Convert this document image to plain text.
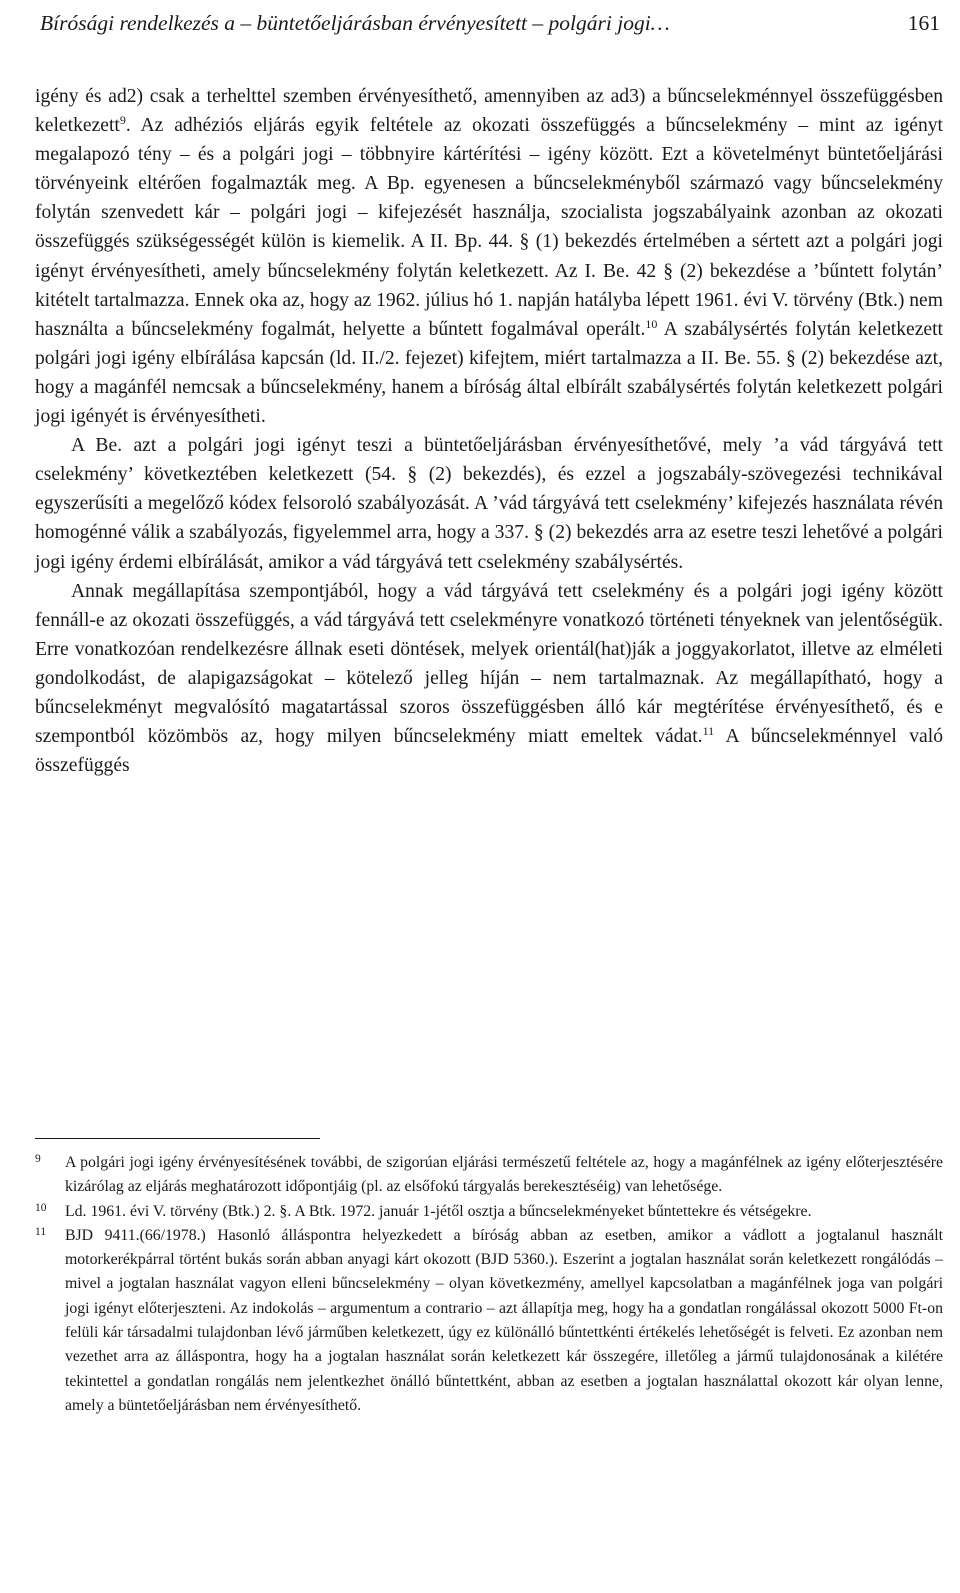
Bírósági rendelkezés a – büntetőeljárásban érvényesített – polgári jogi…	161

igény és ad2) csak a terhelttel szemben érvényesíthető, amennyiben az ad3) a bűncselekménnyel összefüggésben keletkezett$^9$. Az adhéziós eljárás egyik feltétele az okozati összefüggés a bűncselekmény – mint az igényt megalapozó tény – és a polgári jogi – többnyire kártérítési – igény között. Ezt a követelményt büntetőeljárási törvényeink eltérően fogalmazták meg. A Bp. egyenesen a bűncselekményből származó vagy bűncselekmény folytán szenvedett kár – polgári jogi – kifejezését használja, szocialista jogszabályaink azonban az okozati összefüggés szükségességét külön is kiemelik. A II. Bp. 44. § (1) bekezdés értelmében a sértett azt a polgári jogi igényt érvényesítheti, amely bűncselekmény folytán keletkezett. Az I. Be. 42 § (2) bekezdése a ’bűntett folytán’ kitételt tartalmazza. Ennek oka az, hogy az 1962. július hó 1. napján hatályba lépett 1961. évi V. törvény (Btk.) nem használta a bűncselekmény fogalmát, helyette a bűntett fogalmával operált.$^{10}$ A szabálysértés folytán keletkezett polgári jogi igény elbírálása kapcsán (ld. II./2. fejezet) kifejtem, miért tartalmazza a II. Be. 55. § (2) bekezdése azt, hogy a magánfél nemcsak a bűncselekmény, hanem a bíróság által elbírált szabálysértés folytán keletkezett polgári jogi igényét is érvényesítheti.

A Be. azt a polgári jogi igényt teszi a büntetőeljárásban érvényesíthetővé, mely ’a vád tárgyává tett cselekmény’ következtében keletkezett (54. § (2) bekezdés), és ezzel a jogszabály-szövegezési technikával egyszerűsíti a megelőző kódex felsoroló szabályozását. A ’vád tárgyává tett cselekmény’ kifejezés használata révén homogénné válik a szabályozás, figyelemmel arra, hogy a 337. § (2) bekezdés arra az esetre teszi lehetővé a polgári jogi igény érdemi elbírálását, amikor a vád tárgyává tett cselekmény szabálysértés.

Annak megállapítása szempontjából, hogy a vád tárgyává tett cselekmény és a polgári jogi igény között fennáll-e az okozati összefüggés, a vád tárgyává tett cselekményre vonatkozó történeti tényeknek van jelentőségük. Erre vonatkozóan rendelkezésre állnak eseti döntések, melyek orientál(hat)ják a joggyakorlatot, illetve az elméleti gondolkodást, de alapigazságokat – kötelező jelleg híján – nem tartalmaznak. Az megállapítható, hogy a bűncselekményt megvalósító magatartással szoros összefüggésben álló kár megtérítése érvényesíthető, és e szempontból közömbös az, hogy milyen bűncselekmény miatt emeltek vádat.$^{11}$ A bűncselekménnyel való összefüggés

9 A polgári jogi igény érvényesítésének további, de szigorúan eljárási természetű feltétele az, hogy a magánfélnek az igény előterjesztésére kizárólag az eljárás meghatározott időpontjáig (pl. az elsőfokú tárgyalás berekesztéséig) van lehetősége.
10 Ld. 1961. évi V. törvény (Btk.) 2. §. A Btk. 1972. január 1-jétől osztja a bűncselekményeket bűntettekre és vétségekre.
11 BJD 9411.(66/1978.) Hasonló álláspontra helyezkedett a bíróság abban az esetben, amikor a vádlott a jogtalanul használt motorkerékpárral történt bukás során abban anyagi kárt okozott (BJD 5360.). Eszerint a jogtalan használat során keletkezett rongálódás – mivel a jogtalan használat vagyon elleni bűncselekmény – olyan következmény, amellyel kapcsolatban a magánfélnek joga van polgári jogi igényt előterjeszteni. Az indokolás – argumentum a contrario – azt állapítja meg, hogy ha a gondatlan rongálással okozott 5000 Ft-on felüli kár társadalmi tulajdonban lévő járműben keletkezett, úgy ez különálló bűntettkénti értékelés lehetőségét is felveti. Ez azonban nem vezethet arra az álláspontra, hogy ha a jogtalan használat során keletkezett kár összegére, illetőleg a jármű tulajdonosának a kilétére tekintettel a gondatlan rongálás nem jelentkezhet önálló bűntettként, abban az esetben a jogtalan használattal okozott kár olyan lenne, amely a büntetőeljárásban nem érvényesíthető.
